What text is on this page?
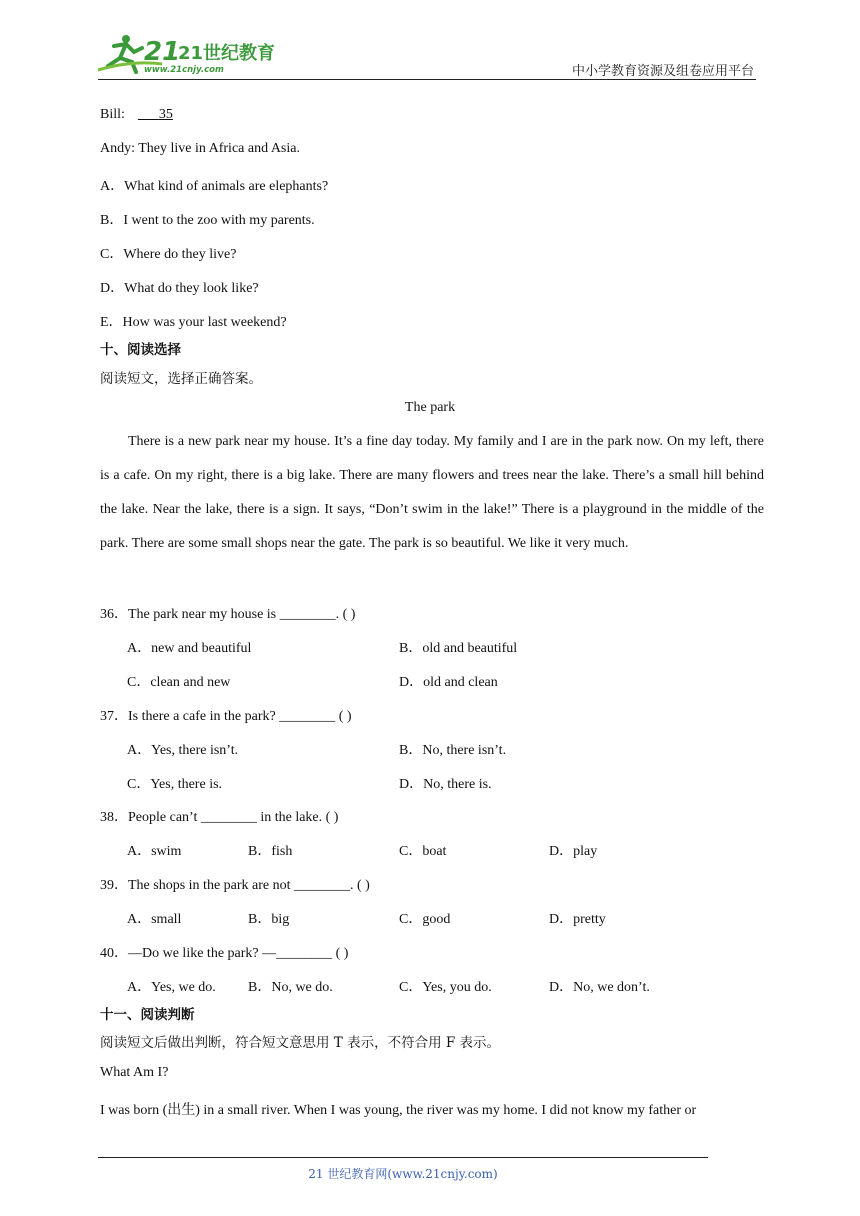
21
21世纪教育
www.21cnjy.com	中小学教育资源及组卷应用平台
Bill: 35
Andy: They live in Africa and Asia.
A．What kind of animals are elephants?
B．I went to the zoo with my parents.
C．Where do they live?
D．What do they look like?
E．How was your last weekend?
十、阅读选择
阅读短文，选择正确答案。
The park
There is a new park near my house. It’s a fine day today. My family and I are in the park now. On my left, there is a cafe. On my right, there is a big lake. There are many flowers and trees near the lake. There’s a small hill behind the lake. Near the lake, there is a sign. It says, “Don’t swim in the lake!” There is a playground in the middle of the park. There are some small shops near the gate. The park is so beautiful. We like it very much.
36．The park near my house is ________. ( )
A．new and beautiful	B．old and beautiful
C．clean and new	D．old and clean
37．Is there a cafe in the park? ________ ( )
A．Yes, there isn’t.	B．No, there isn’t.
C．Yes, there is.	D．No, there is.
38．People can’t ________ in the lake. ( )
A．swim	B．fish	C．boat	D．play
39．The shops in the park are not ________. ( )
A．small	B．big	C．good	D．pretty
40．—Do we like the park? —________ ( )
A．Yes, we do. B．No, we do.	C．Yes, you do.	D．No, we don’t.
十一、阅读判断
阅读短文后做出判断，符合短文意思用 T 表示，不符合用 F 表示。
What Am I?
I was born (出生) in a small river. When I was young, the river was my home. I did not know my father or
21 世纪教育网(www.21cnjy.com)
